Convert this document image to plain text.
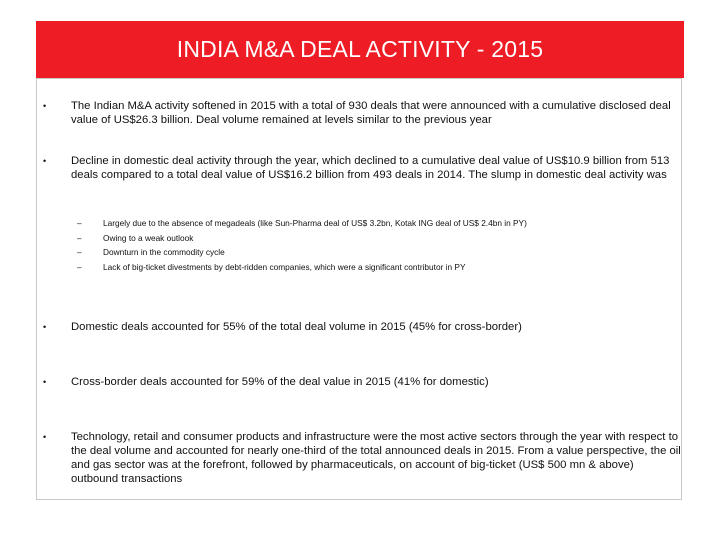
INDIA M&A DEAL ACTIVITY - 2015
• The Indian M&A activity softened in 2015 with a total of 930 deals that were announced with a cumulative disclosed deal value of US$26.3 billion. Deal volume remained at levels similar to the previous year
• Decline in domestic deal activity through the year, which declined to a cumulative deal value of US$10.9 billion from 513 deals compared to a total deal value of US$16.2 billion from 493 deals in 2014. The slump in domestic deal activity was
–	Largely due to the absence of megadeals (like Sun-Pharma deal of US$ 3.2bn, Kotak ING deal of US$ 2.4bn in PY)
–	Owing to a weak outlook
–	Downturn in the commodity cycle
–	Lack of big-ticket divestments by debt-ridden companies, which were a significant contributor in PY
• Domestic deals accounted for 55% of the total deal volume in 2015 (45% for cross-border)
• Cross-border deals accounted for 59% of the deal value in 2015 (41% for domestic)
• Technology, retail and consumer products and infrastructure were the most active sectors through the year with respect to the deal volume and accounted for nearly one-third of the total announced deals in 2015. From a value perspective, the oil and gas sector was at the forefront, followed by pharmaceuticals, on account of big-ticket (US$ 500 mn & above) outbound transactions
